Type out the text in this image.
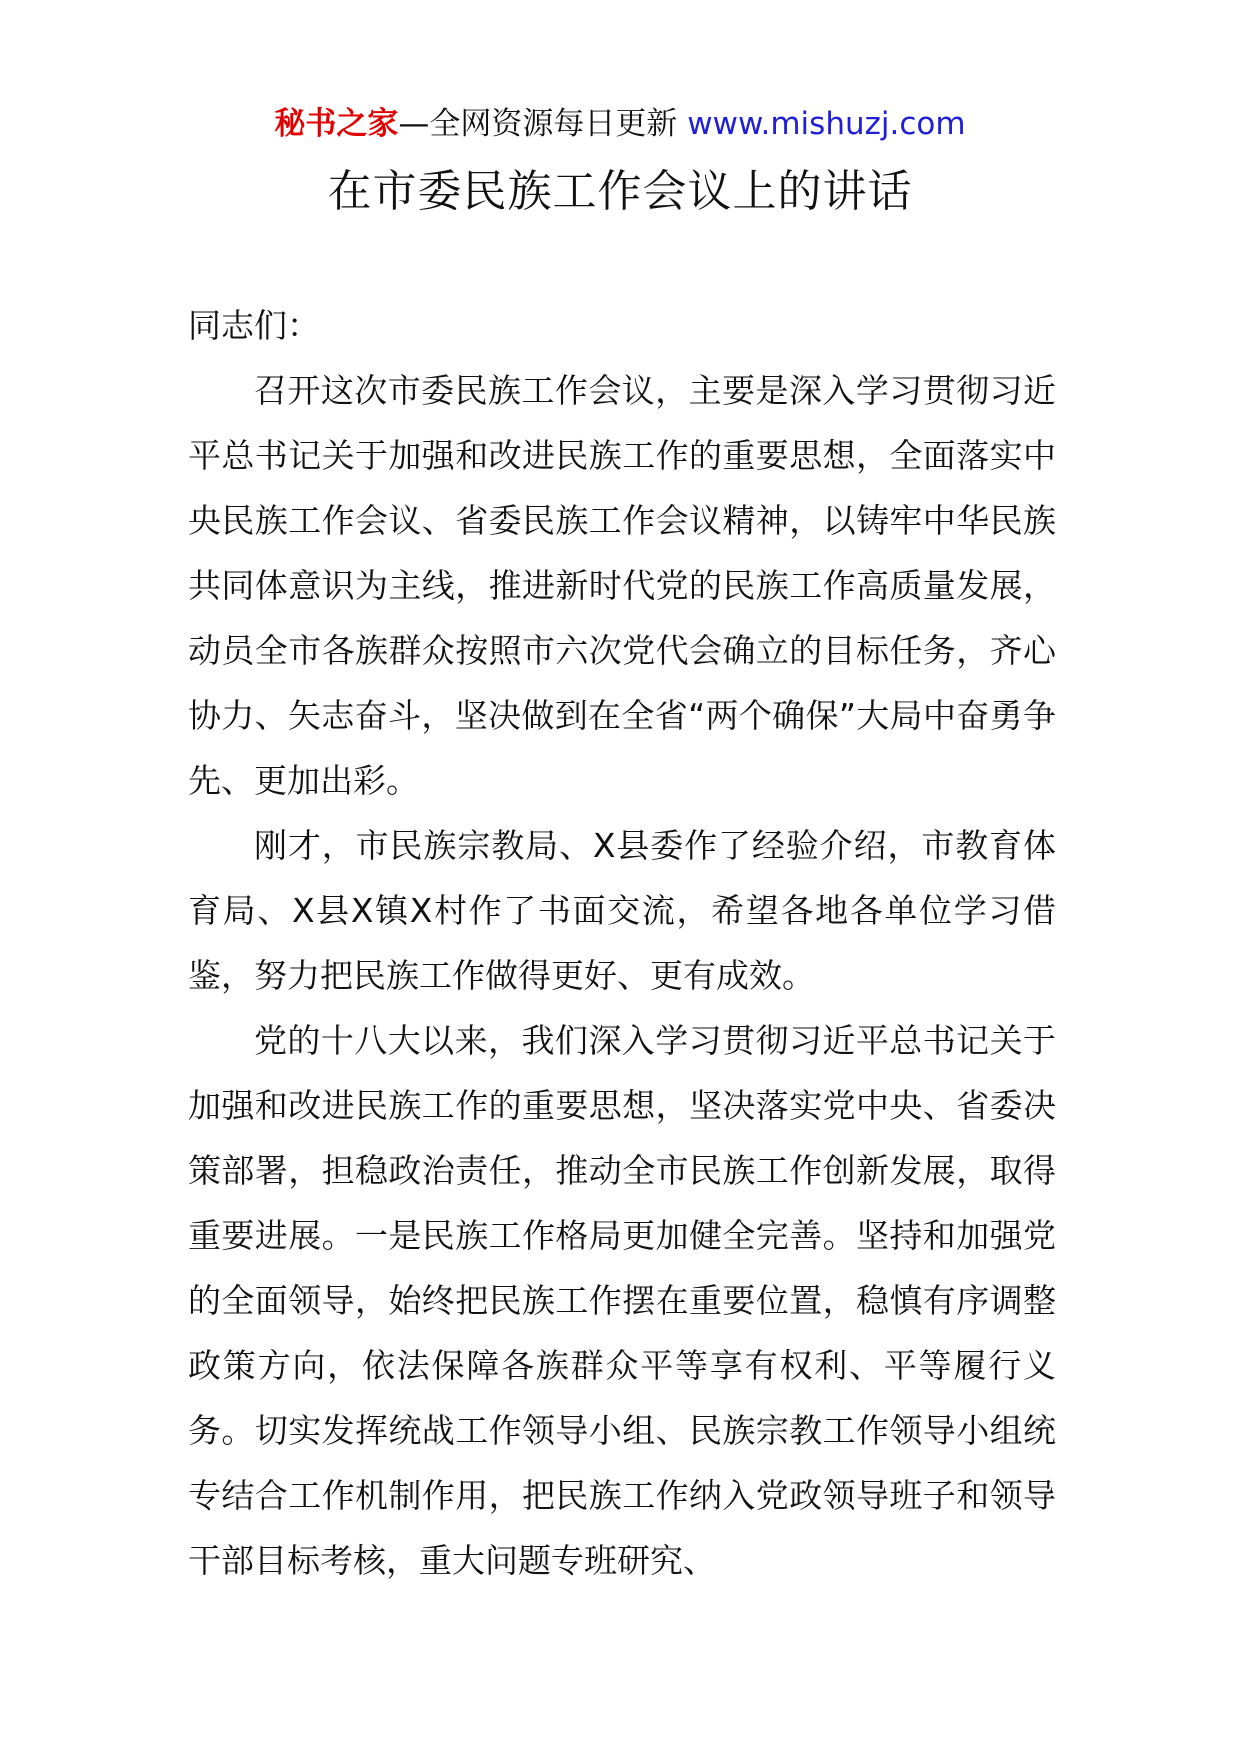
秘书之家—全网资源每日更新 www.mishuzj.com
在市委民族工作会议上的讲话

同志们：

召开这次市委民族工作会议，主要是深入学习贯彻习近平总书记关于加强和改进民族工作的重要思想，全面落实中央民族工作会议、省委民族工作会议精神，以铸牢中华民族共同体意识为主线，推进新时代党的民族工作高质量发展，动员全市各族群众按照市六次党代会确立的目标任务，齐心协力、矢志奋斗，坚决做到在全省“两个确保”大局中奋勇争先、更加出彩。

刚才，市民族宗教局、X县委作了经验介绍，市教育体育局、X县X镇X村作了书面交流，希望各地各单位学习借鉴，努力把民族工作做得更好、更有成效。

党的十八大以来，我们深入学习贯彻习近平总书记关于加强和改进民族工作的重要思想，坚决落实党中央、省委决策部署，担稳政治责任，推动全市民族工作创新发展，取得重要进展。一是民族工作格局更加健全完善。坚持和加强党的全面领导，始终把民族工作摆在重要位置，稳慎有序调整政策方向，依法保障各族群众平等享有权利、平等履行义务。切实发挥统战工作领导小组、民族宗教工作领导小组统专结合工作机制作用，把民族工作纳入党政领导班子和领导干部目标考核，重大问题专班研究、
